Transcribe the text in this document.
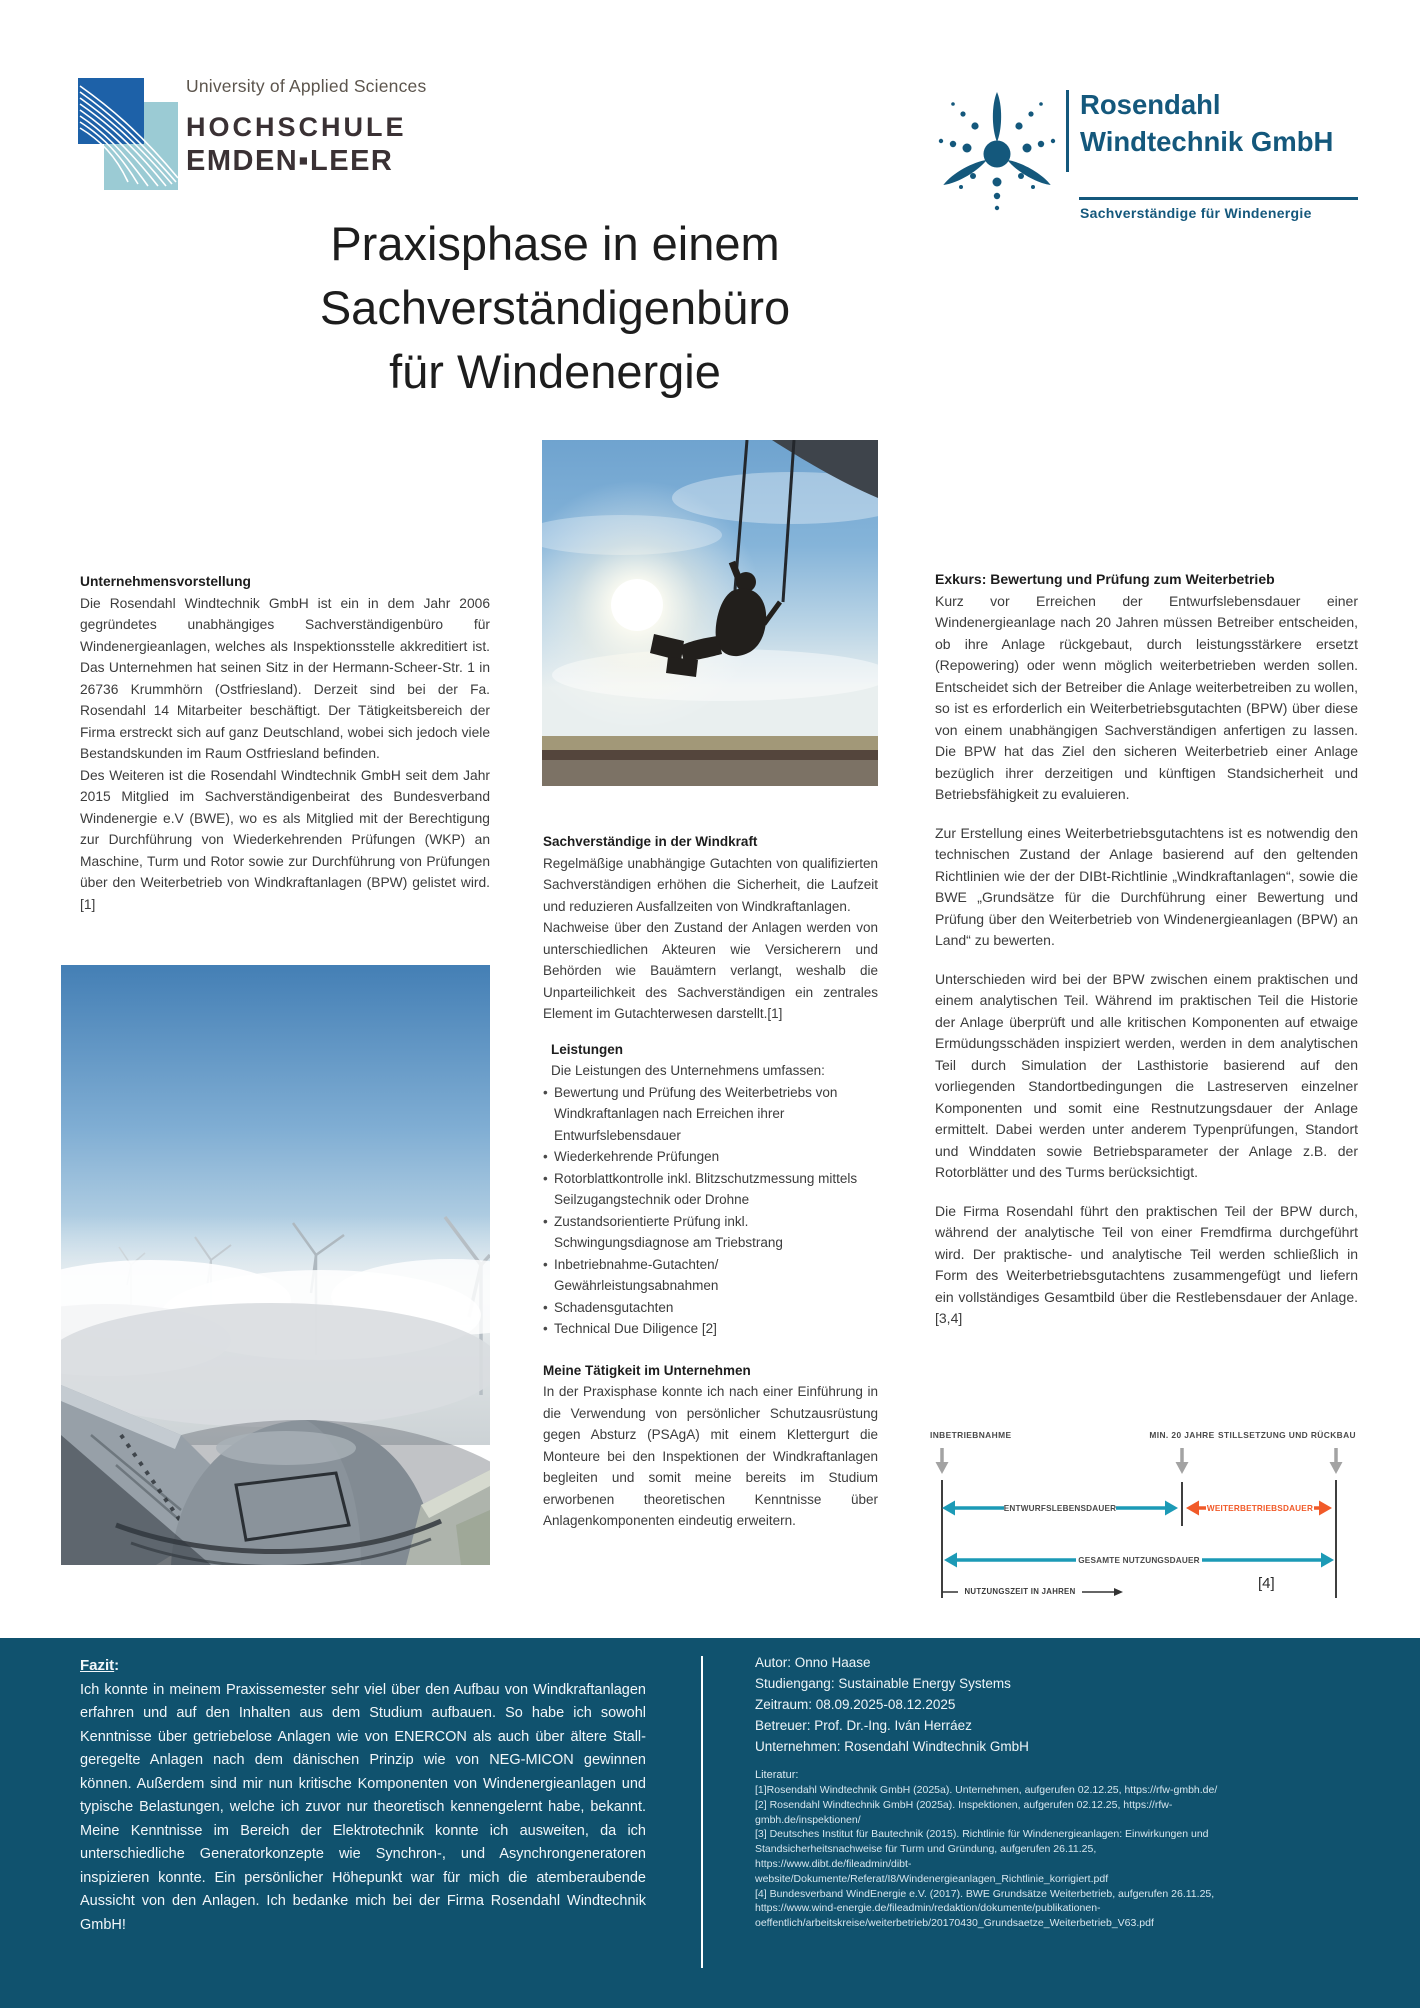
University of Applied Sciences
HOCHSCHULE
EMDEN▪LEER
Rosendahl
Windtechnik GmbH
Sachverständige für Windenergie
Praxisphase in einem
Sachverständigenbüro
für Windenergie
Unternehmensvorstellung

Die Rosendahl Windtechnik GmbH ist ein in dem Jahr 2006 gegründetes unabhängiges Sachverständigenbüro für Windenergieanlagen, welches als Inspektionsstelle akkreditiert ist. Das Unternehmen hat seinen Sitz in der Hermann-Scheer-Str. 1 in 26736 Krummhörn (Ostfriesland). Derzeit sind bei der Fa. Rosendahl 14 Mitarbeiter beschäftigt. Der Tätigkeitsbereich der Firma erstreckt sich auf ganz Deutschland, wobei sich jedoch viele Bestandskunden im Raum Ostfriesland befinden.

Des Weiteren ist die Rosendahl Windtechnik GmbH seit dem Jahr 2015 Mitglied im Sachverständigenbeirat des Bundesverband Windenergie e.V (BWE), wo es als Mitglied mit der Berechtigung zur Durchführung von Wiederkehrenden Prüfungen (WKP) an Maschine, Turm und Rotor sowie zur Durchführung von Prüfungen über den Weiterbetrieb von Windkraftanlagen (BPW) gelistet wird. [1]

Sachverständige in der Windkraft

Regelmäßige unabhängige Gutachten von qualifizierten Sachverständigen erhöhen die Sicherheit, die Laufzeit und reduzieren Ausfallzeiten von Windkraftanlagen.

Nachweise über den Zustand der Anlagen werden von unterschiedlichen Akteuren wie Versicherern und Behörden wie Bauämtern verlangt, weshalb die Unparteilichkeit des Sachverständigen ein zentrales Element im Gutachterwesen darstellt.[1]

Leistungen

Die Leistungen des Unternehmens umfassen:

• Bewertung und Prüfung des Weiterbetriebs von Windkraftanlagen nach Erreichen ihrer Entwurfslebensdauer
• Wiederkehrende Prüfungen
• Rotorblattkontrolle inkl. Blitzschutzmessung mittels Seilzugangstechnik oder Drohne
• Zustandsorientierte Prüfung inkl. Schwingungsdiagnose am Triebstrang
• Inbetriebnahme-Gutachten/ Gewährleistungsabnahmen
• Schadensgutachten
• Technical Due Diligence [2]
Meine Tätigkeit im Unternehmen

In der Praxisphase konnte ich nach einer Einführung in die Verwendung von persönlicher Schutzausrüstung gegen Absturz (PSAgA) mit einem Klettergurt die Monteure bei den Inspektionen der Windkraftanlagen begleiten und somit meine bereits im Studium erworbenen theoretischen Kenntnisse über Anlagenkomponenten eindeutig erweitern.

Exkurs: Bewertung und Prüfung zum Weiterbetrieb

Kurz vor Erreichen der Entwurfslebensdauer einer Windenergieanlage nach 20 Jahren müssen Betreiber entscheiden, ob ihre Anlage rückgebaut, durch leistungsstärkere ersetzt (Repowering) oder wenn möglich weiterbetrieben werden sollen. Entscheidet sich der Betreiber die Anlage weiterbetreiben zu wollen, so ist es erforderlich ein Weiterbetriebsgutachten (BPW) über diese von einem unabhängigen Sachverständigen anfertigen zu lassen. Die BPW hat das Ziel den sicheren Weiterbetrieb einer Anlage bezüglich ihrer derzeitigen und künftigen Standsicherheit und Betriebsfähigkeit zu evaluieren.

Zur Erstellung eines Weiterbetriebsgutachtens ist es notwendig den technischen Zustand der Anlage basierend auf den geltenden Richtlinien wie der der DIBt-Richtlinie „Windkraftanlagen“, sowie die BWE „Grundsätze für die Durchführung einer Bewertung und Prüfung über den Weiterbetrieb von Windenergieanlagen (BPW) an Land“ zu bewerten.

Unterschieden wird bei der BPW zwischen einem praktischen und einem analytischen Teil. Während im praktischen Teil die Historie der Anlage überprüft und alle kritischen Komponenten auf etwaige Ermüdungsschäden inspiziert werden, werden in dem analytischen Teil durch Simulation der Lasthistorie basierend auf den vorliegenden Standortbedingungen die Lastreserven einzelner Komponenten und somit eine Restnutzungsdauer der Anlage ermittelt. Dabei werden unter anderem Typenprüfungen, Standort und Winddaten sowie Betriebsparameter der Anlage z.B. der Rotorblätter und des Turms berücksichtigt.

Die Firma Rosendahl führt den praktischen Teil der BPW durch, während der analytische Teil von einer Fremdfirma durchgeführt wird. Der praktische- und analytische Teil werden schließlich in Form des Weiterbetriebsgutachtens zusammengefügt und liefern ein vollständiges Gesamtbild über die Restlebensdauer der Anlage. [3,4]

INBETRIEBNAHME	MIN. 20 JAHRE STILLSETZUNG UND RÜCKBAU
ENTWURFSLEBENSDAUER	WEITERBETRIEBSDAUER
GESAMTE NUTZUNGSDAUER
NUTZUNGSZEIT IN JAHREN	[4]
Fazit:
Ich konnte in meinem Praxissemester sehr viel über den Aufbau von Windkraftanlagen erfahren und auf den Inhalten aus dem Studium aufbauen. So habe ich sowohl Kenntnisse über getriebelose Anlagen wie von ENERCON als auch über ältere Stall-geregelte Anlagen nach dem dänischen Prinzip wie von NEG-MICON gewinnen können. Außerdem sind mir nun kritische Komponenten von Windenergieanlagen und typische Belastungen, welche ich zuvor nur theoretisch kennengelernt habe, bekannt. Meine Kenntnisse im Bereich der Elektrotechnik konnte ich ausweiten, da ich unterschiedliche Generatorkonzepte wie Synchron-, und Asynchrongeneratoren inspizieren konnte. Ein persönlicher Höhepunkt war für mich die atemberaubende Aussicht von den Anlagen. Ich bedanke mich bei der Firma Rosendahl Windtechnik GmbH!
Autor: Onno Haase
Studiengang: Sustainable Energy Systems
Zeitraum: 08.09.2025-08.12.2025
Betreuer: Prof. Dr.-Ing. Iván Herráez
Unternehmen: Rosendahl Windtechnik GmbH
Literatur:
[1]Rosendahl Windtechnik GmbH (2025a). Unternehmen, aufgerufen 02.12.25, https://rfw-gmbh.de/
[2] Rosendahl Windtechnik GmbH (2025a). Inspektionen, aufgerufen 02.12.25, https://rfw-gmbh.de/inspektionen/
[3] Deutsches Institut für Bautechnik (2015). Richtlinie für Windenergieanlagen: Einwirkungen und Standsicherheitsnachweise für Turm und Gründung, aufgerufen 26.11.25, https://www.dibt.de/fileadmin/dibt-website/Dokumente/Referat/I8/Windenergieanlagen_Richtlinie_korrigiert.pdf
[4] Bundesverband WindEnergie e.V. (2017). BWE Grundsätze Weiterbetrieb, aufgerufen 26.11.25, https://www.wind-energie.de/fileadmin/redaktion/dokumente/publikationen-oeffentlich/arbeitskreise/weiterbetrieb/20170430_Grundsaetze_Weiterbetrieb_V63.pdf
